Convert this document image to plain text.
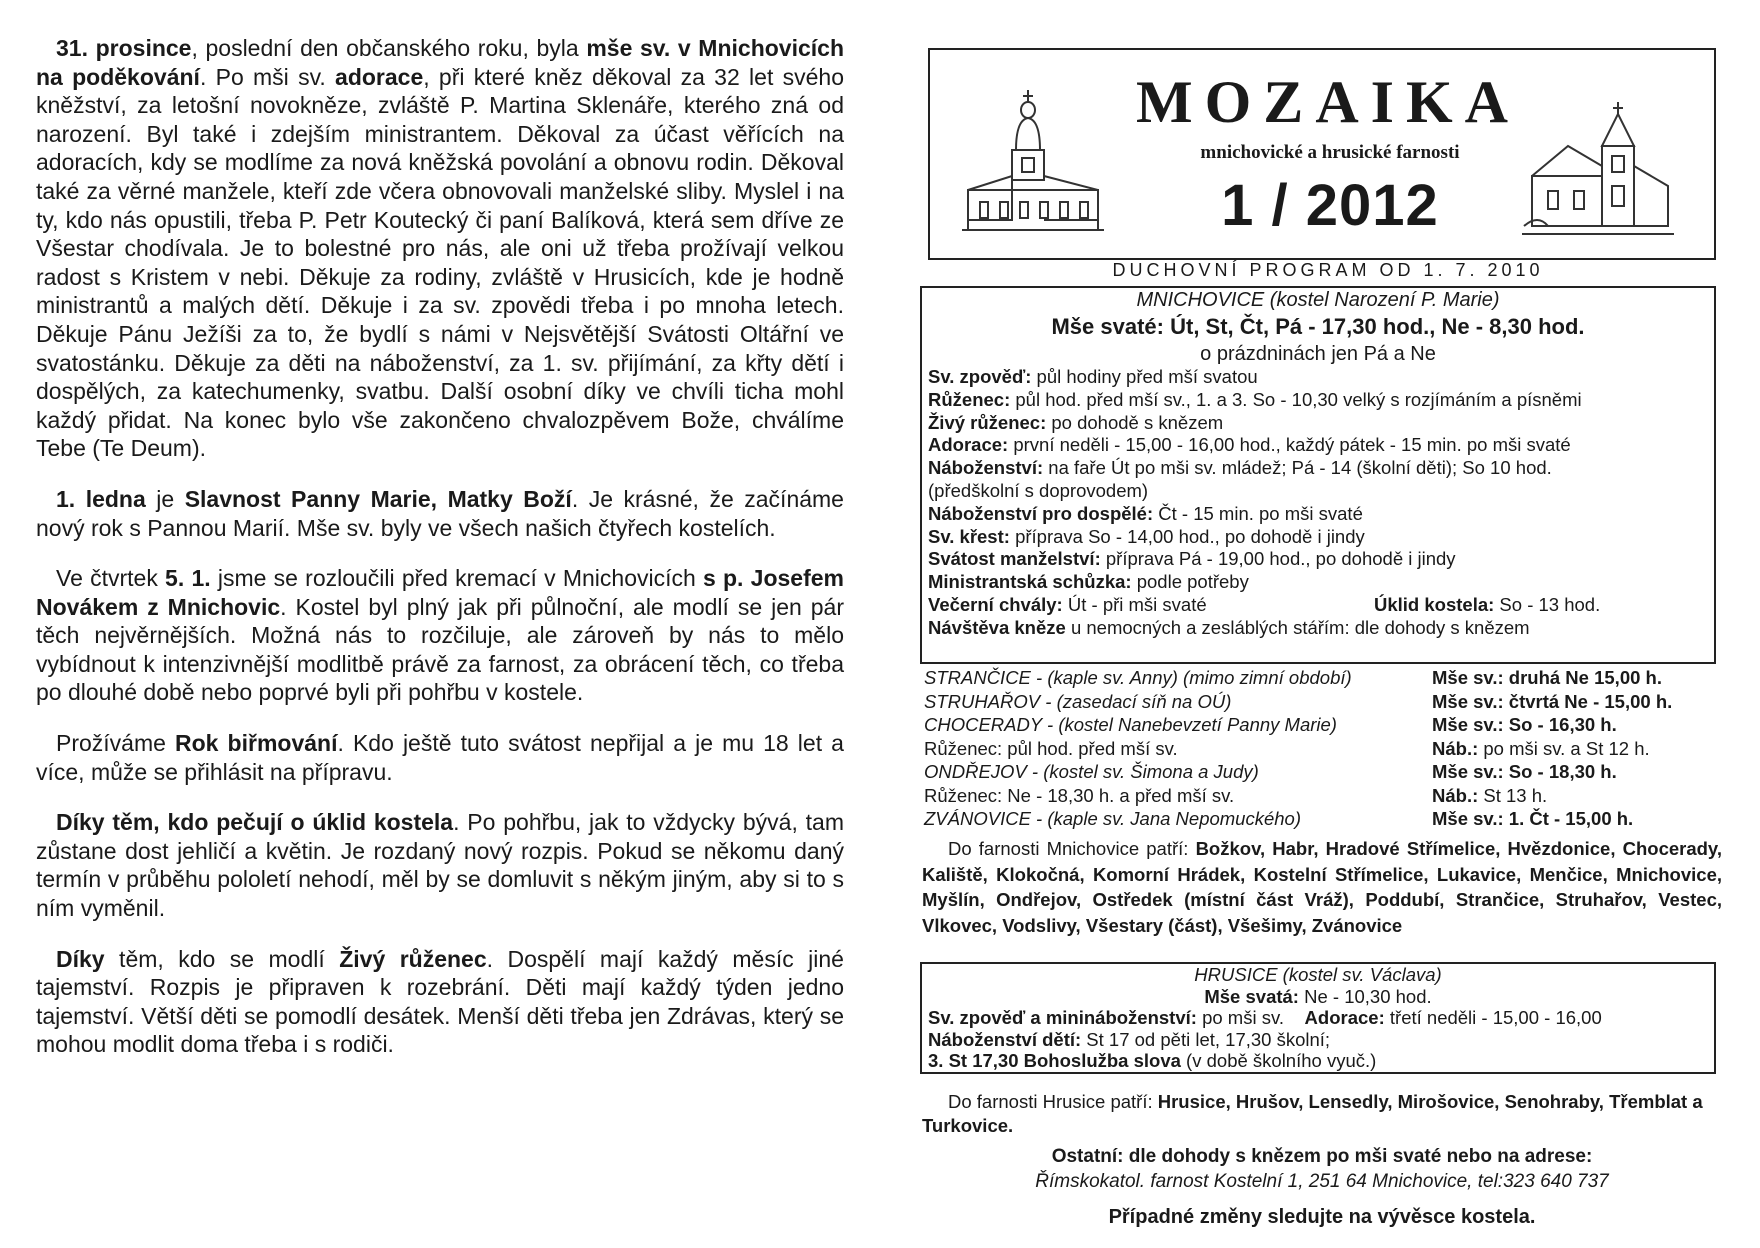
31. prosince, poslední den občanského roku, byla mše sv. v Mnichovicích na poděkování. Po mši sv. adorace, při které kněz děkoval za 32 let svého kněžství, za letošní novokněze, zvláště P. Martina Sklenáře, kterého zná od narození. Byl také i zdejším ministrantem. Děkoval za účast věřících na adoracích, kdy se modlíme za nová kněžská povolání a obnovu rodin. Děkoval také za věrné manžele, kteří zde včera obnovovali manželské sliby. Myslel i na ty, kdo nás opustili, třeba P. Petr Koutecký či paní Balíková, která sem dříve ze Všestar chodívala. Je to bolestné pro nás, ale oni už třeba prožívají velkou radost s Kristem v nebi. Děkuje za rodiny, zvláště v Hrusicích, kde je hodně ministrantů a malých dětí. Děkuje i za sv. zpovědi třeba i po mnoha letech. Děkuje Pánu Ježíši za to, že bydlí s námi v Nejsvětější Svátosti Oltářní ve svatostánku. Děkuje za děti na náboženství, za 1. sv. přijímání, za křty dětí i dospělých, za katechumenky, svatbu. Další osobní díky ve chvíli ticha mohl každý přidat. Na konec bylo vše zakončeno chvalozpěvem Bože, chválíme Tebe (Te Deum).

1. ledna je Slavnost Panny Marie, Matky Boží. Je krásné, že začínáme nový rok s Pannou Marií. Mše sv. byly ve všech našich čtyřech kostelích.

Ve čtvrtek 5. 1. jsme se rozloučili před kremací v Mnichovicích s p. Josefem Novákem z Mnichovic. Kostel byl plný jak při půlnoční, ale modlí se jen pár těch nejvěrnějších. Možná nás to rozčiluje, ale zároveň by nás to mělo vybídnout k intenzivnější modlitbě právě za farnost, za obrácení těch, co třeba po dlouhé době nebo poprvé byli při pohřbu v kostele.

Prožíváme Rok biřmování. Kdo ještě tuto svátost nepřijal a je mu 18 let a více, může se přihlásit na přípravu.

Díky těm, kdo pečují o úklid kostela. Po pohřbu, jak to vždycky bývá, tam zůstane dost jehličí a květin. Je rozdaný nový rozpis. Pokud se někomu daný termín v průběhu pololetí nehodí, měl by se domluvit s někým jiným, aby si to s ním vyměnil.

Díky těm, kdo se modlí Živý růženec. Dospělí mají každý měsíc jiné tajemství. Rozpis je připraven k rozebrání. Děti mají každý týden jedno tajemství. Větší děti se pomodlí desátek. Menší děti třeba jen Zdrávas, který se mohou modlit doma třeba i s rodiči.

MOZAIKA
mnichovické a hrusické farnosti
1 / 2012
DUCHOVNÍ PROGRAM OD 1. 7. 2010
MNICHOVICE (kostel Narození P. Marie)
Mše svaté: Út, St, Čt, Pá - 17,30 hod., Ne - 8,30 hod.
o prázdninách jen Pá a Ne
Sv. zpověď: půl hodiny před mší svatou
Růženec: půl hod. před mší sv., 1. a 3. So - 10,30 velký s rozjímáním a písněmi
Živý růženec: po dohodě s knězem
Adorace: první neděli - 15,00 - 16,00 hod., každý pátek - 15 min. po mši svaté
Náboženství: na faře Út po mši sv. mládež; Pá - 14 (školní děti); So 10 hod.
(předškolní s doprovodem)
Náboženství pro dospělé: Čt - 15 min. po mši svaté
Sv. křest: příprava So - 14,00 hod., po dohodě i jindy
Svátost manželství: příprava Pá - 19,00 hod., po dohodě i jindy
Ministrantská schůzka: podle potřeby
Večerní chvály: Út - při mši svaté	Úklid kostela: So - 13 hod.
Návštěva kněze u nemocných a zesláblých stářím: dle dohody s knězem
STRANČICE - (kaple sv. Anny) (mimo zimní období)	Mše sv.: druhá Ne 15,00 h.
STRUHAŘOV - (zasedací síň na OÚ)	Mše sv.: čtvrtá Ne - 15,00 h.
CHOCERADY - (kostel Nanebevzetí Panny Marie)	Mše sv.: So - 16,30 h.
Růženec: půl hod. před mší sv.	Náb.: po mši sv. a St 12 h.
ONDŘEJOV - (kostel sv. Šimona a Judy)	Mše sv.: So - 18,30 h.
Růženec: Ne - 18,30 h. a před mší sv.	Náb.: St 13 h.
ZVÁNOVICE - (kaple sv. Jana Nepomuckého)	Mše sv.: 1. Čt - 15,00 h.
Do farnosti Mnichovice patří: Božkov, Habr, Hradové Střímelice, Hvězdonice, Chocerady, Kaliště, Klokočná, Komorní Hrádek, Kostelní Střímelice, Lukavice, Menčice, Mnichovice, Myšlín, Ondřejov, Ostředek (místní část Vráž), Poddubí, Strančice, Struhařov, Vestec, Vlkovec, Vodslivy, Všestary (část), Všešimy, Zvánovice
HRUSICE (kostel sv. Václava)
Mše svatá: Ne - 10,30 hod.
Sv. zpověď a minináboženství: po mši sv. Adorace: třetí neděli - 15,00 - 16,00
Náboženství dětí: St 17 od pěti let, 17,30 školní;
3. St 17,30 Bohoslužba slova (v době školního vyuč.)
Do farnosti Hrusice patří: Hrusice, Hrušov, Lensedly, Mirošovice, Senohraby, Třemblat a Turkovice.
Ostatní: dle dohody s knězem po mši svaté nebo na adrese:
Římskokatol. farnost Kostelní 1, 251 64 Mnichovice, tel:323 640 737
Případné změny sledujte na vývěsce kostela.
